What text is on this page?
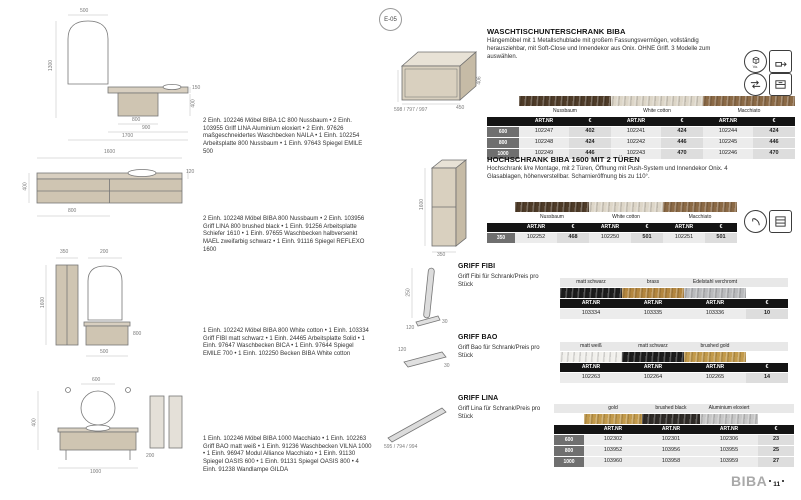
500
1300
150
400
800
900
1700
1600
400
120
800
350	200
1600
800
500
600
400
200
1000

2 Einh. 102246 Möbel BIBA 1C 800 Nussbaum • 2 Einh. 103955 Griff LINA Aluminium eloxiert • 2 Einh. 97626 maßgeschneidertes Waschbecken NAILA • 1 Einh. 102254 Arbeitsplatte 800 Nussbaum • 1 Einh. 97643 Spiegel EMILE 500

2 Einh. 102248 Möbel BIBA 800 Nussbaum • 2 Einh. 103956 Griff LINA 800 brushed black • 1 Einh. 91256 Arbeitsplatte Schiefer 1610 • 1 Einh. 97655 Waschbecken halbversenkt MAEL zweifarbig schwarz • 1 Einh. 91116 Spiegel REFLEXO 1600

1 Einh. 102242 Möbel BIBA 800 White cotton • 1 Einh. 103334 Griff FIBI matt schwarz • 1 Einh. 24465 Arbeitsplatte Solid • 1 Einh. 97647 Waschbecken BICA • 1 Einh. 97644 Spiegel EMILE 700 • 1 Einh. 102250 Becken BIBA White cotton

1 Einh. 102246 Möbel BIBA 1000 Macchiato • 1 Einh. 102263 Griff BAO matt weiß • 1 Einh. 91236 Waschbecken VILNA 1000 • 1 Einh. 96947 Modul Alliance Macchiato • 1 Einh. 91130 Spiegel OASIS 600 • 1 Einh. 91131 Spiegel OASIS 800 • 4 Einh. 91238 Wandlampe GILDA

E-05
WASCHTISCHUNTERSCHRANK BIBA

Hängemöbel mit 1 Metallschublade mit großem Fassungsvermögen, vollständig herausziehbar, mit Soft-Close und Innendekor aus Onix. OHNE Griff. 3 Modelle zum auswählen.

598 / 797 / 997
406
450
Vo.

	Nussbaum		White cotton		Macchiato	
	ART.NR	€	ART.NR	€	ART.NR	€
600	102247	402	102241	424	102244	424
800	102248	424	102242	446	102245	446
1000	102249	446	102243	470	102246	470
HOCHSCHRANK BIBA 1600 MIT 2 TÜREN

Hochschrank li/re Montage, mit 2 Türen, Öffnung mit Push-System und Innendekor Onix. 4 Glasablagen, höhenverstellbar. Scharnieröffnung bis zu 110°.

1600
350

	Nussbaum		White cotton		Macchiato	
	ART.NR	€	ART.NR	€	ART.NR	€
350	102252	468	102250	501	102251	501
GRIFF FIBI

Griff Fibi für Schrank/Preis pro Stück

250
120
30
matt schwarz	brass	Edelstahl verchromt	

ART.NR	ART.NR	ART.NR	€
103334	103335	103336	10
GRIFF BAO

Griff Bao für Schrank/Preis pro Stück

120
30
matt weiß	matt schwarz	brushed gold	

ART.NR	ART.NR	ART.NR	€
102263	102264	102265	14
GRIFF LINA

Griff Lina für Schrank/Preis pro Stück

595 / 794 / 994
	gold	brushed black	Aluminium eloxiert	

	ART.NR	ART.NR	ART.NR	€
600	102302	102301	102306	23
800	103952	103956	103955	25
1000	103960	103958	103959	27
BIBA 11
